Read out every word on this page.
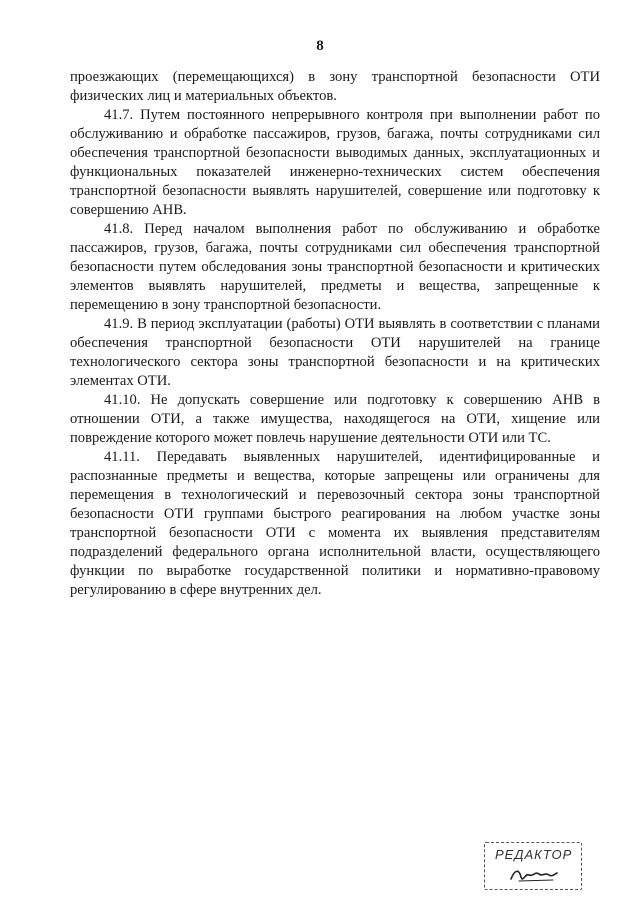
8

проезжающих (перемещающихся) в зону транспортной безопасности ОТИ физических лиц и материальных объектов.

41.7. Путем постоянного непрерывного контроля при выполнении работ по обслуживанию и обработке пассажиров, грузов, багажа, почты сотрудниками сил обеспечения транспортной безопасности выводимых данных, эксплуатационных и функциональных показателей инженерно-технических систем обеспечения транспортной безопасности выявлять нарушителей, совершение или подготовку к совершению АНВ.

41.8. Перед началом выполнения работ по обслуживанию и обработке пассажиров, грузов, багажа, почты сотрудниками сил обеспечения транспортной безопасности путем обследования зоны транспортной безопасности и критических элементов выявлять нарушителей, предметы и вещества, запрещенные к перемещению в зону транспортной безопасности.

41.9. В период эксплуатации (работы) ОТИ выявлять в соответствии с планами обеспечения транспортной безопасности ОТИ нарушителей на границе технологического сектора зоны транспортной безопасности и на критических элементах ОТИ.

41.10. Не допускать совершение или подготовку к совершению АНВ в отношении ОТИ, а также имущества, находящегося на ОТИ, хищение или повреждение которого может повлечь нарушение деятельности ОТИ или ТС.

41.11. Передавать выявленных нарушителей, идентифицированные и распознанные предметы и вещества, которые запрещены или ограничены для перемещения в технологический и перевозочный сектора зоны транспортной безопасности ОТИ группами быстрого реагирования на любом участке зоны транспортной безопасности ОТИ с момента их выявления представителям подразделений федерального органа исполнительной власти, осуществляющего функции по выработке государственной политики и нормативно-правовому регулированию в сфере внутренних дел.

РЕДАКТОР
